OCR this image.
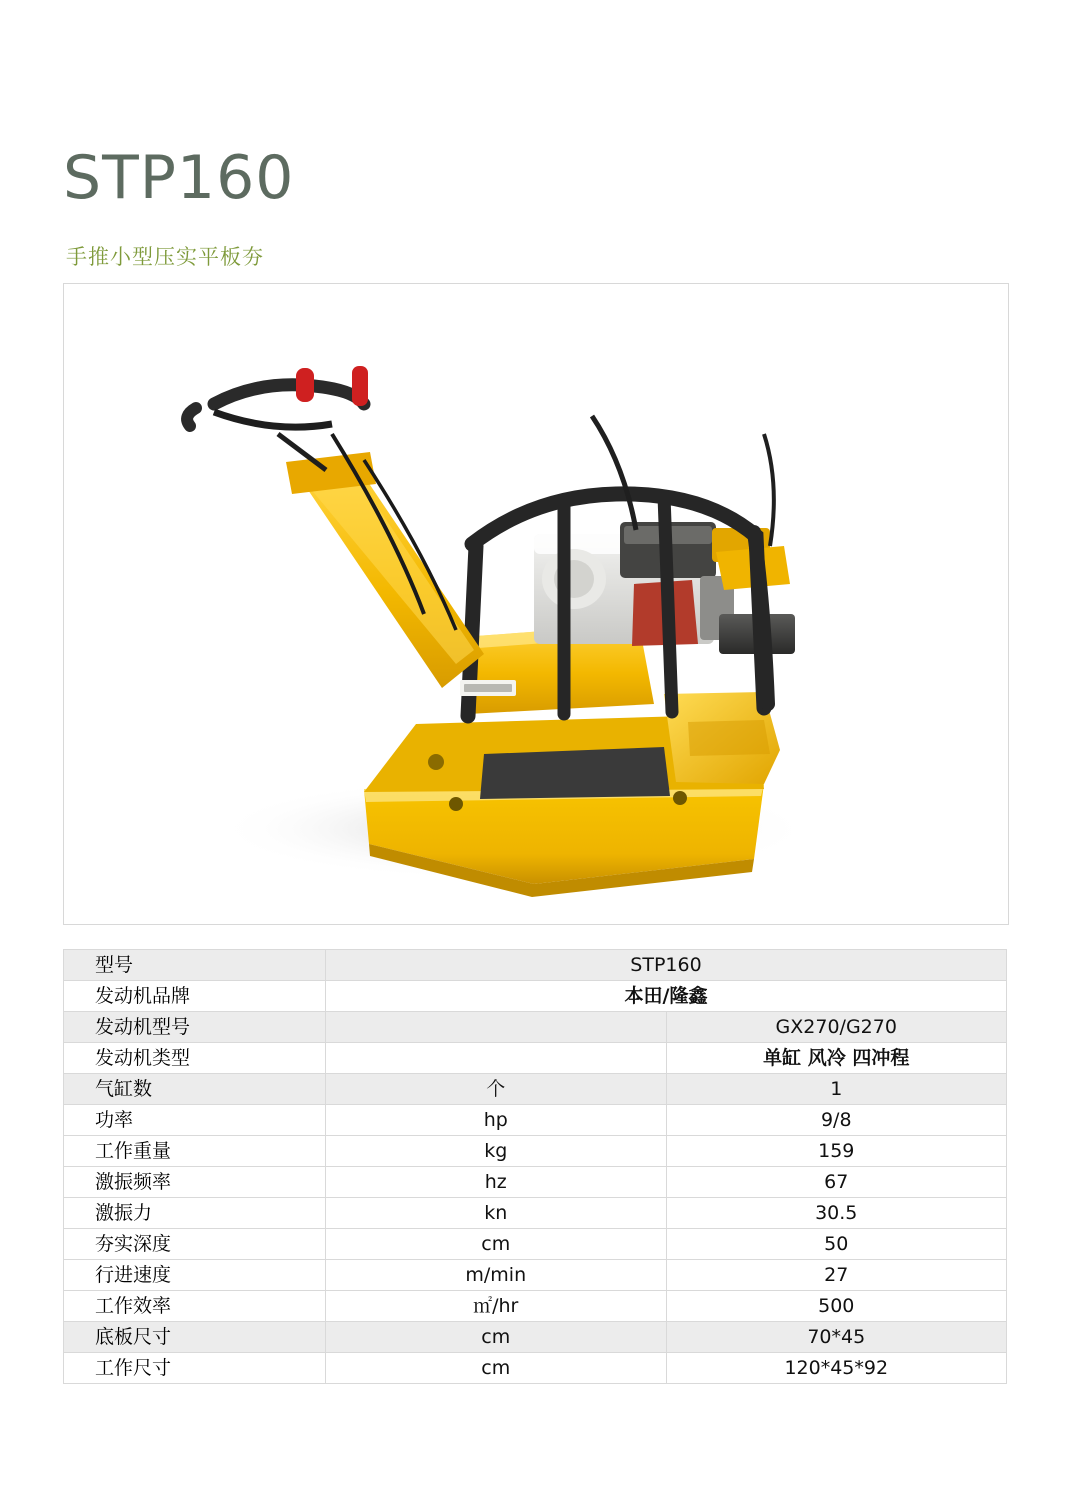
STP160
手推小型压实平板夯
型号	STP160	
发动机品牌	本田/隆鑫	
发动机型号		GX270/G270
发动机类型		单缸 风冷 四冲程
气缸数	个	1
功率	hp	9/8
工作重量	kg	159
激振频率	hz	67
激振力	kn	30.5
夯实深度	cm	50
行进速度	m/min	27
工作效率	㎡/hr	500
底板尺寸	cm	70*45
工作尺寸	cm	120*45*92
